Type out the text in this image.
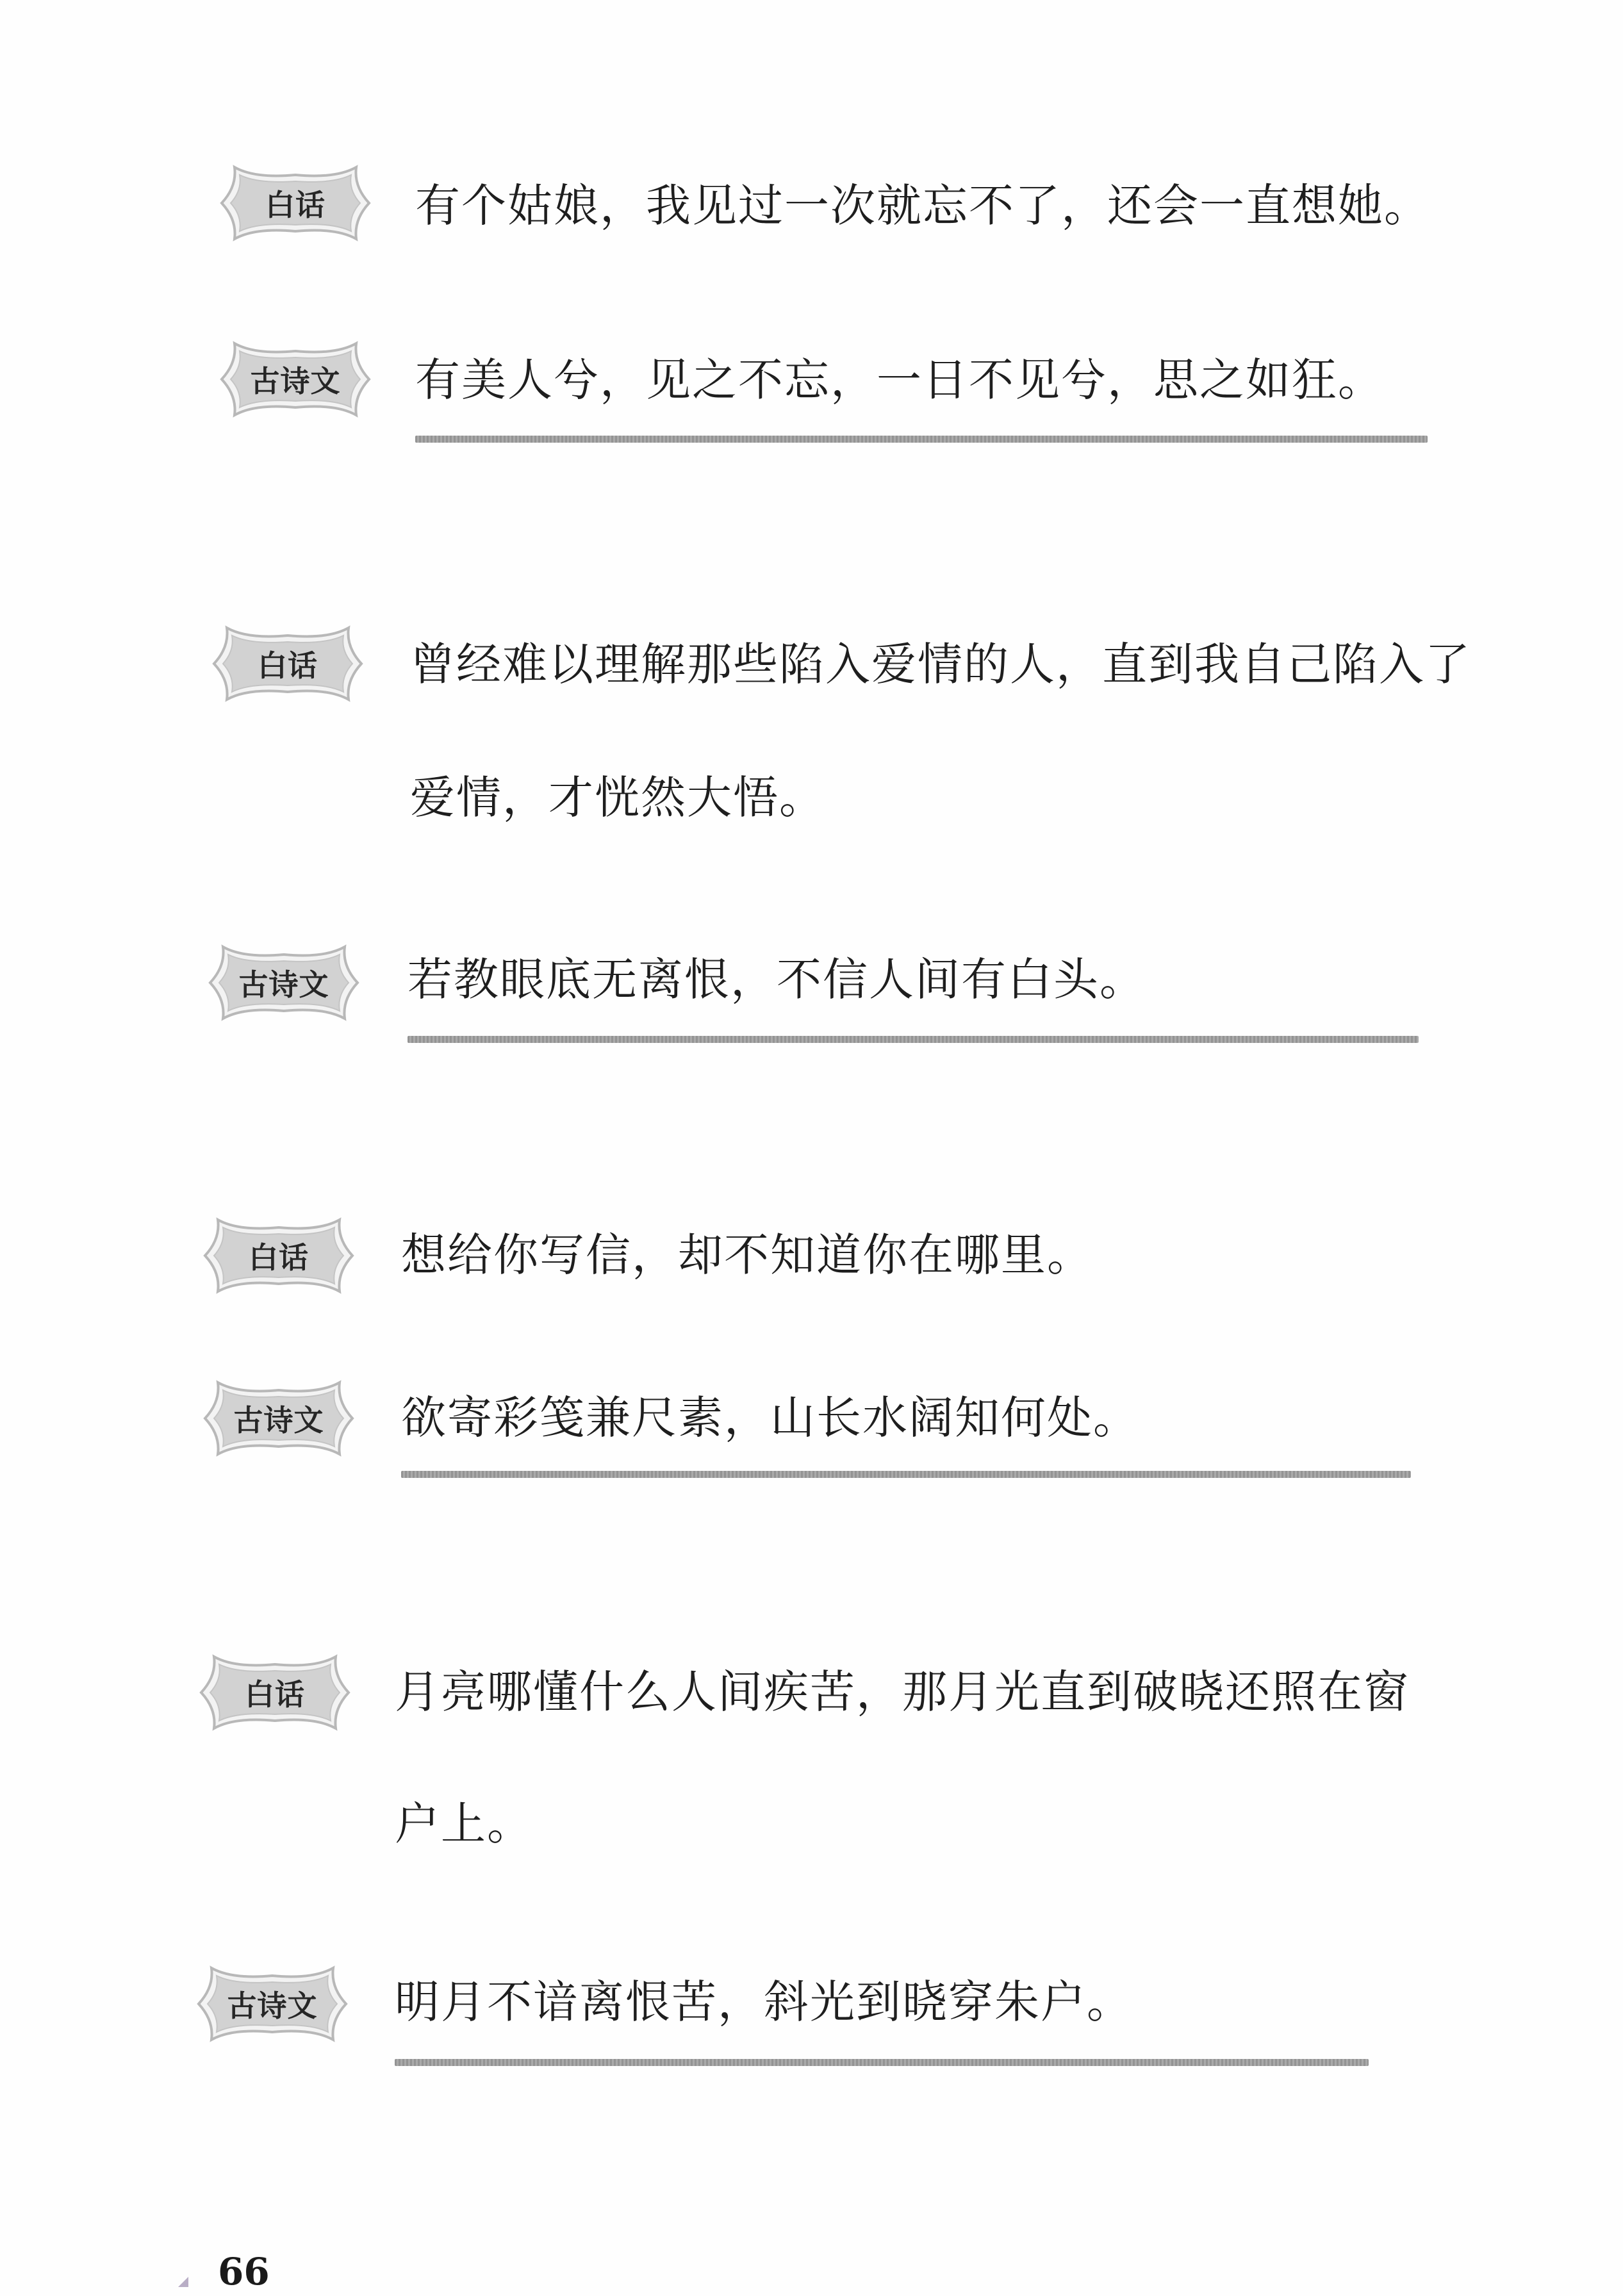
白话	有个姑娘，我见过一次就忘不了，还会一直想她。
古诗文	有美人兮，见之不忘，一日不见兮，思之如狂。
白话	曾经难以理解那些陷入爱情的人，直到我自己陷入了
爱情，才恍然大悟。
古诗文	若教眼底无离恨，不信人间有白头。
白话	想给你写信，却不知道你在哪里。
古诗文	欲寄彩笺兼尺素，山长水阔知何处。
白话	月亮哪懂什么人间疾苦，那月光直到破晓还照在窗
户上。
古诗文	明月不谙离恨苦，斜光到晓穿朱户。
66
